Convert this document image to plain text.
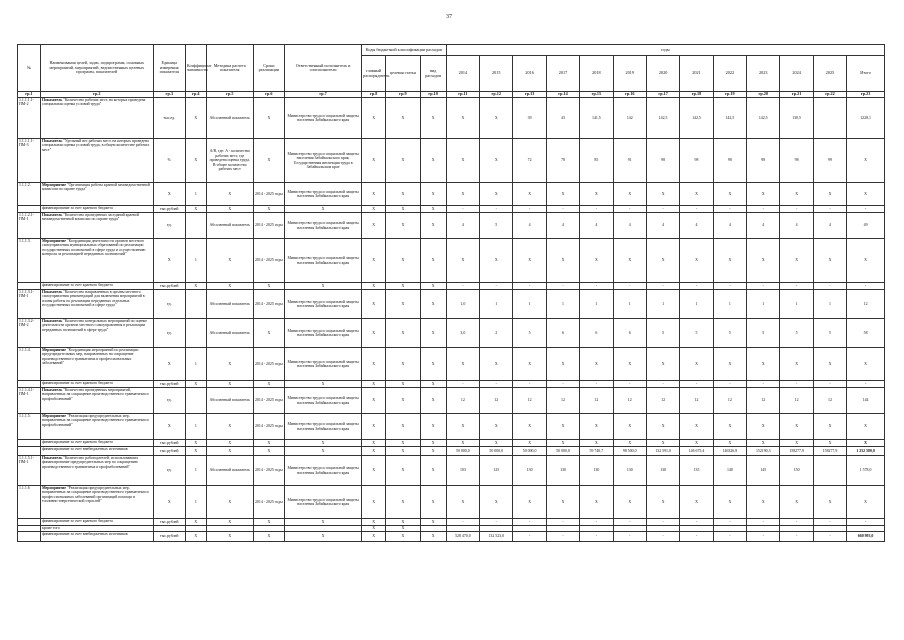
37
№	Наименования целей, задач, подпрограмм, основных мероприятий, мероприятий, ведомственных целевых программ, показателей	Единица измерения показателя	Коэффициент значимости	Методика расчета показателя	Сроки реализации	Ответственный исполнитель и соисполнители	Коды бюджетной классификации расходов			годы												
							главный распорядитель	целевая статья	вид расходов	2014	2015	2016	2017	2018	2019	2020	2021	2022	2023	2024	2025	Итого
гр.1	гр.2	гр.3	гр.4	гр.5	гр.6	гр.7	гр.8	гр.9	гр.10	гр.11	гр.12	гр.13	гр.14	гр.15	гр.16	гр.17	гр.18	гр.19	гр.20	гр.21	гр.22	гр.23
1.1.1.1.1-ПМ-2	Показатель "Количество рабочих мест, на которых проведена специальная оценка условий труда"	тыс.ед.	X	Абсолютный показатель	X	Министерство труда и социальной защиты населения Забайкальского края	X	X	X	X	X	39	43	141,5	142	142,5	142,5	142,5	142,5	130,5		1228,1
1.1.1.1.1-ПМ-3	Показатель "Удельный вес рабочих мест, на которых проведена специальная оценка условий труда, в общем количестве рабочих мест"	%	X	А/В, где: А - количество рабочих мест, где проведена оценка труда, В-общее количество рабочих мест	X	Министерство труда и социальной защиты населения Забайкальского края; Государственная инспекция труда в Забайкальском крае	X	X	X	X	X	72	78	85	91	98	98	98	98	98	99	X
1.1.1.2.	Мероприятие "Организация работы краевой межведомственной комиссии по охране труда"	X	1	X	2014 - 2025 годы	Министерство труда и социальной защиты населения Забайкальского края	X	X	X	X	X	X	X	X	X	X	X	X	X	X	X	X
	финансирование за счет краевого бюджета	тыс.рублей	X	X	X	X	X	X	X	-	-	-	-	-	-	-	-	-	-	-	-	-
1.1.1.2.1-ПМ-1	Показатель "Количество проведенных заседаний краевой межведомственной комиссии по охране труда"	ед.		Абсолютный показатель	2014 - 2025 годы	Министерство труда и социальной защиты населения Забайкальского края	X	X	X	4	5	4	4	4	4	4	4	4	4	4	4	49
1.1.1.3.	Мероприятие "Координация деятельности органов местного самоуправления муниципальных образований по реализации государственных полномочий в сфере труда и осуществлению контроля за реализацией переданных полномочий"	X	1	X	2014 - 2025 годы	Министерство труда и социальной защиты населения Забайкальского края	X	X	X	X	X	X	X	X	X	X	X	X	X	X	X	X
	финансирование за счет краевого бюджета	тыс.рублей	X	X	X	X	X	X	X	-	-	-	-	-	-	-	-	-	-	-	-	-
1.1.1.3.1-ПМ-1	Показатель "Количество направленных в органы местного самоуправления рекомендаций для включения мероприятий в планы работы по реализации переданных отдельных государственных полномочий в сфере труда"	ед.		Абсолютный показатель	2014 - 2025 годы	Министерство труда и социальной защиты населения Забайкальского края	X	X	X	1,0	1	1	1	1	1	1	1	1	1	1	1	12
1.1.1.3.2-ПМ-2	Показатель "Количество контрольных мероприятий по оценке деятельности органов местного самоуправления в реализации переданных полномочий в сфере труда"	ед.		Абсолютный показатель	X	Министерство труда и социальной защиты населения Забайкальского края	X	X	X	3,0	2	5	6	6	6	5	5	5	5	5	5	58
1.1.1.4.	Мероприятие "Координация мероприятий по реализации предупредительных мер, направленных на сокращение производственного травматизма и профессиональных заболеваний"	X	1	X	2014 - 2025 годы	Министерство труда и социальной защиты населения Забайкальского края	X	X	X	X	X	X	X	X	X	X	X	X	X	X	X	X
	финансирование за счет краевого бюджета	тыс.рублей	X	X	X	X	X	X	X	-	-	-	-	-	-	-	-	-	-	-	-	-
1.1.1.4.1-ПМ-1	Показатель "Количество проведенных мероприятий, направленных на сокращение производственного травматизма и профзаболеваний"	ед.		Абсолютный показатель	2014 - 2025 годы	Министерство труда и социальной защиты населения Забайкальского края	X	X	X	12	12	12	12	12	12	12	12	12	12	12	12	144
1.1.1.5.	Мероприятие "Реализация предупредительных мер, направленных на сокращение производственного травматизма и профзаболеваний"	X	1	X	2014 - 2025 годы	Министерство труда и социальной защиты населения Забайкальского края	X	X	X	X	X	X	X	X	X	X	X	X	X	X	X	X
	финансирование за счет краевого бюджета	тыс.рублей	X	X	X	X	X	X	X	X	X	X	X	X	X	X	X	X	X	X	X	X
	финансирование за счет внебюджетных источников	тыс.рублей	X	X	X	X	X	X	X	50 000,0	50 000,0	50 000,0	50 000,0	59 740,7	98 500,0	132 591,0	146 675,4	146326,8	152190,3	158277,9	158277,9	1 252 580,0
1.1.1.5.1-ПМ-1	Показатель "Количество работодателей, использовавших финансирование предупредительных мер по сокращению производственного травматизма и профзаболеваний"	ед.	1	Абсолютный показатель	2014 - 2025 годы	Министерство труда и социальной защиты населения Забайкальского края	X	X	X	103	125	130	130	130	130	130	135	140	145	150		1 578,0
1.1.1.6	Мероприятие "Реализация предупредительных мер, направленных на сокращение производственного травматизма и профессиональных заболеваний организаций помощи и топливно-энергетической отраслей"	X	1	X	2014 - 2025 годы	Министерство труда и социальной защиты населения Забайкальского края	X	X	X	X	X	X	X	X	X	X	X	X	X	X	X	X
	финансирование за счет краевого бюджета	тыс.рублей	X	X	X	X	X	X	X	-	-	-	-	-	-	-	-	-	-	-	-	-
	кроме того						X	X														
	финансирование за счет внебюджетных источников	тыс.рублей	X	X	X	X	X	X	X	528 470,0	132 523,0	-	-	-	-	-	-	-	-	-	-	660 993,0
